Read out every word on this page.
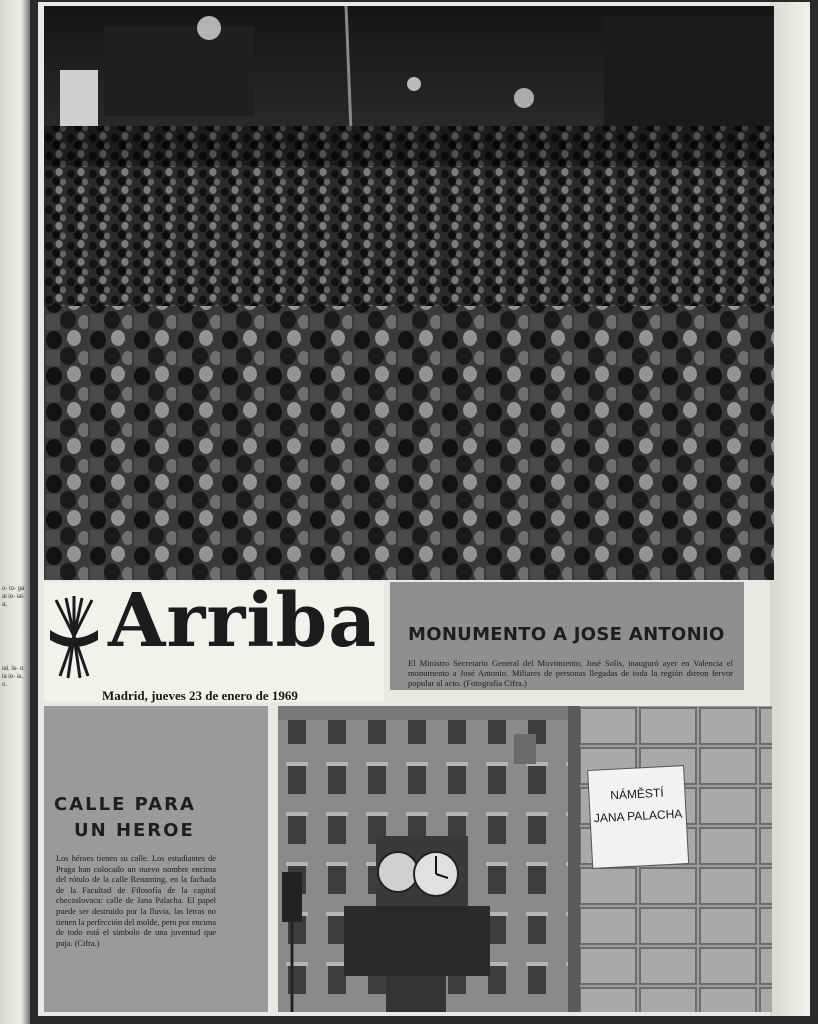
o- to- ga al io- ial- a,
ial. la- o: la io- ia, o.
Arriba
Madrid, jueves 23 de enero de 1969
MONUMENTO A JOSE ANTONIO
El Ministro Secretario General del Movimiento, José Solís, inauguró ayer en Valencia el monumento a José Antonio. Miliares de personas llegadas de toda la región dieron fervor popular al acto. (Fotografía Cifra.)
CALLE PARA
UN HEROE
Los héroes tienen su calle. Los estudiantes de Praga han colocado un nuevo nombre encima del rótulo de la calle Renaming, en la fachada de la Facultad de Filosofía de la capital checoslovaca: calle de Jana Palacha. El papel puede ser destruido por la lluvia, las letras no tienen la perfección del molde, pero por encima de todo está el símbolo de una juventud que puja. (Cifra.)
NÁMĚSTÍ
JANA PALACHA
